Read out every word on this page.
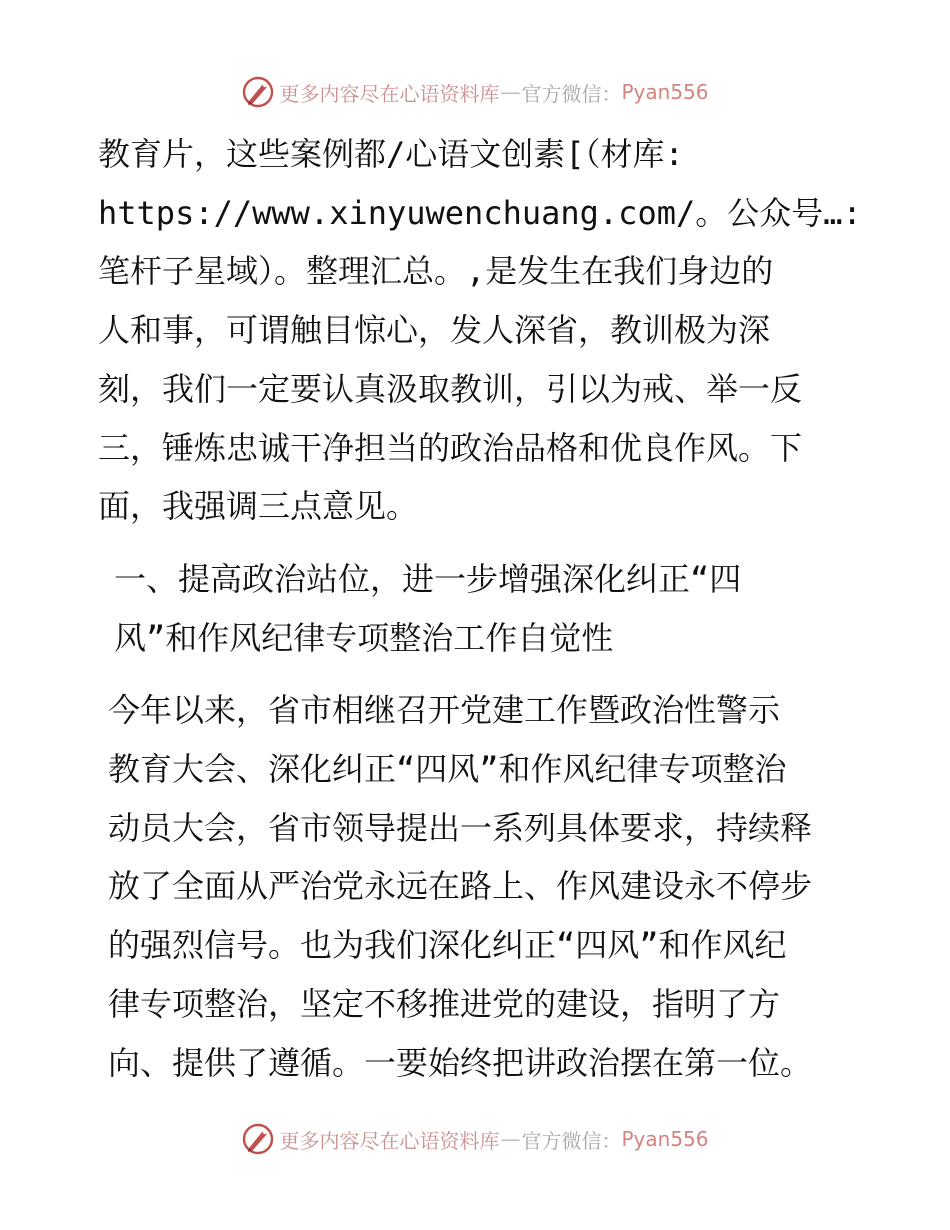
更多内容尽在心语资料库 — 官方微信： Pyan556

教育片，这些案例都/心语文创素[（材库:
https://www.xinyuwenchuang.com/。公众号…:
笔杆子星域）。整理汇总。,是发生在我们身边的
人和事，可谓触目惊心，发人深省，教训极为深
刻，我们一定要认真汲取教训，引以为戒、举一反
三，锤炼忠诚干净担当的政治品格和优良作风。下
面，我强调三点意见。

一、提高政治站位，进一步增强深化纠正“四
风”和作风纪律专项整治工作自觉性

今年以来，省市相继召开党建工作暨政治性警示
教育大会、深化纠正“四风”和作风纪律专项整治
动员大会，省市领导提出一系列具体要求，持续释
放了全面从严治党永远在路上、作风建设永不停步
的强烈信号。也为我们深化纠正“四风”和作风纪
律专项整治，坚定不移推进党的建设，指明了方
向、提供了遵循。一要始终把讲政治摆在第一位。

更多内容尽在心语资料库 — 官方微信： Pyan556
